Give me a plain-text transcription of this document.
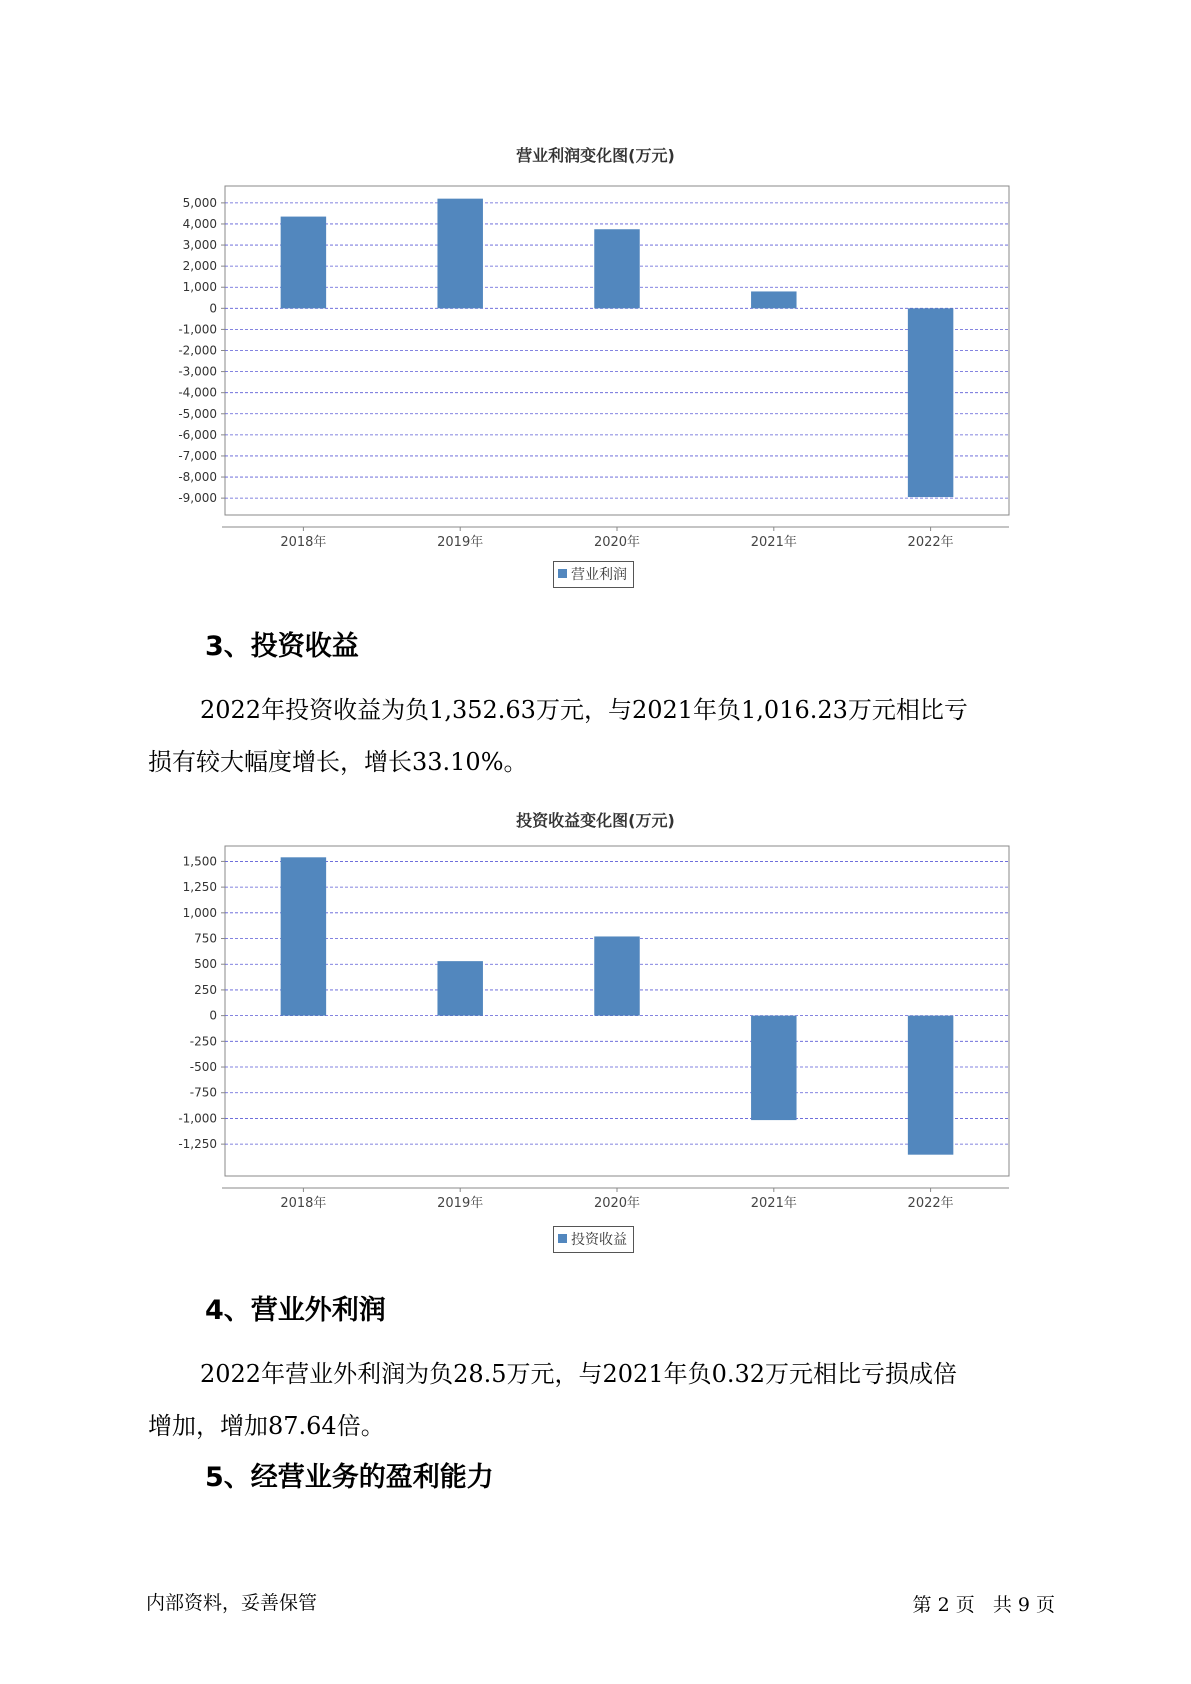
营业利润变化图(万元)
5,000
4,000
3,000
2,000
1,000
0
-1,000
-2,000
-3,000
-4,000
-5,000
-6,000
-7,000
-8,000
-9,000
2018年	2019年	2020年	2021年	2022年
营业利润
3、投资收益
2022年投资收益为负1,352.63万元，与2021年负1,016.23万元相比亏
损有较大幅度增长，增长33.10%。
投资收益变化图(万元)
1,500
1,250
1,000
750
500
250
0
-250
-500
-750
-1,000
-1,250
2018年	2019年	2020年	2021年	2022年
投资收益
4、营业外利润
2022年营业外利润为负28.5万元，与2021年负0.32万元相比亏损成倍
增加，增加87.64倍。
5、经营业务的盈利能力
内部资料，妥善保管	第 2 页   共 9 页
